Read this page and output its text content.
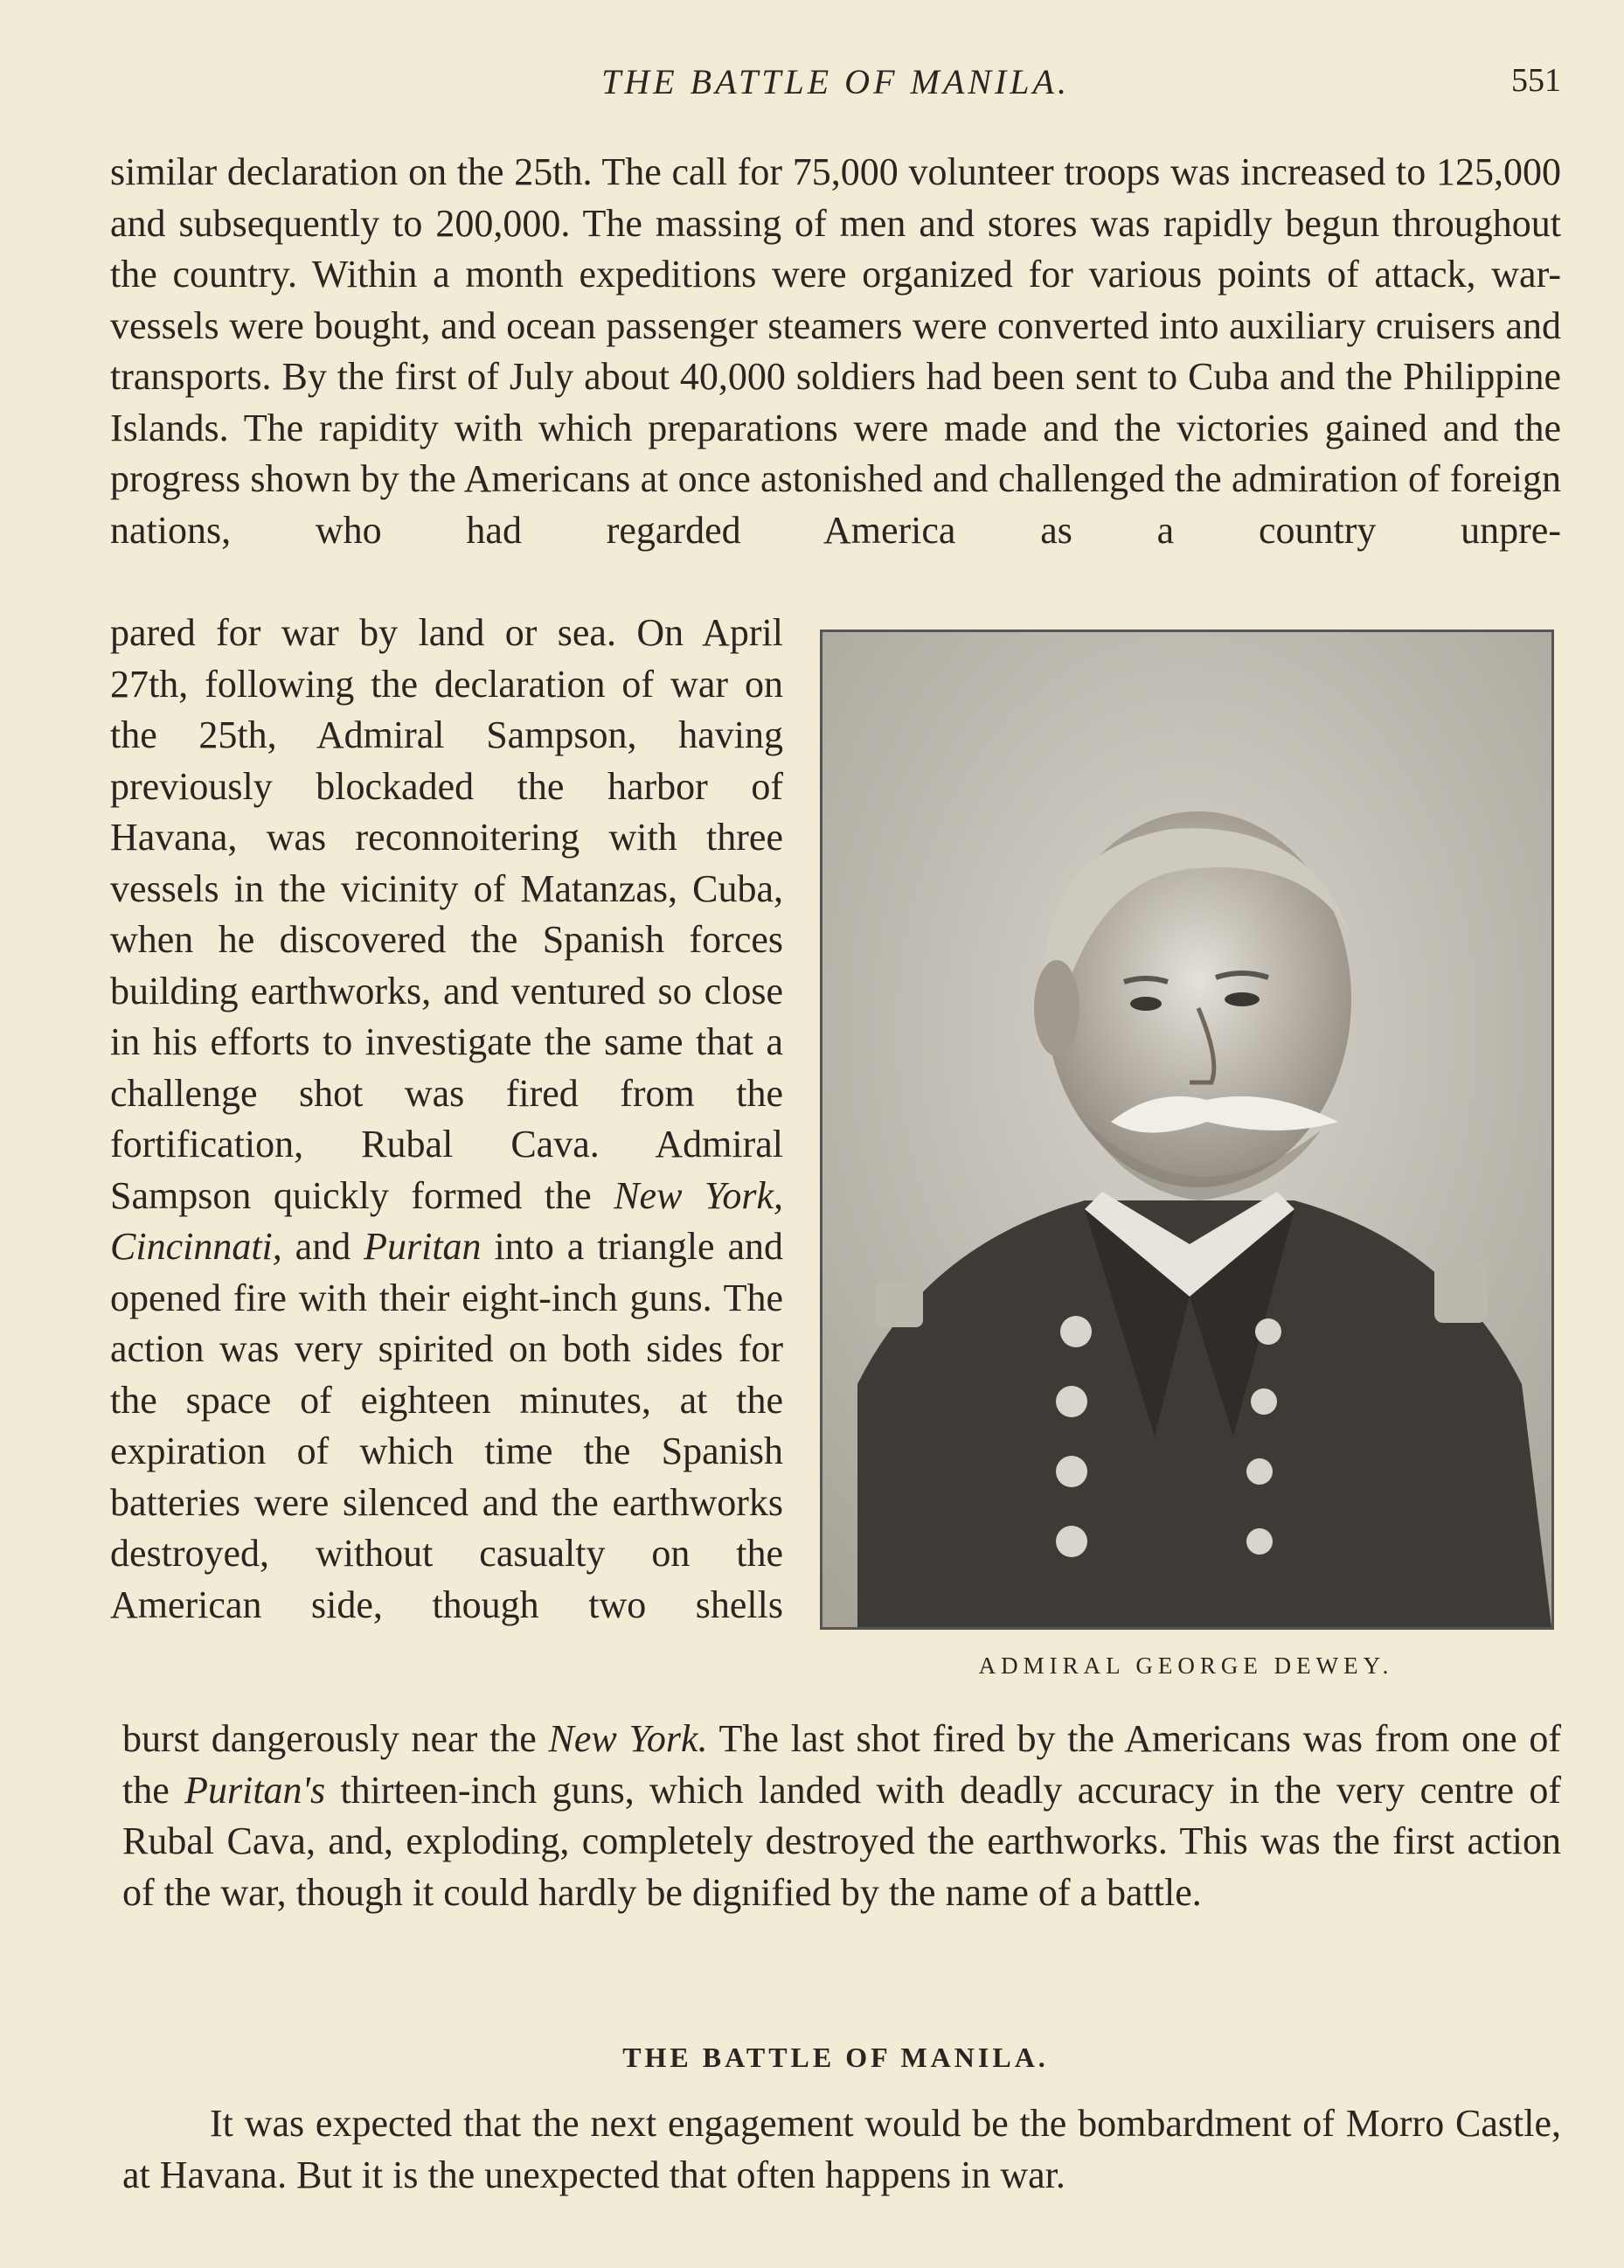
THE BATTLE OF MANILA.	551

similar declaration on the 25th. The call for 75,000 volunteer troops was increased to 125,000 and subsequently to 200,000. The massing of men and stores was rapidly begun throughout the country. Within a month expeditions were organized for various points of attack, war-vessels were bought, and ocean passenger steamers were converted into auxiliary cruisers and transports. By the first of July about 40,000 soldiers had been sent to Cuba and the Philippine Islands. The rapidity with which preparations were made and the victories gained and the progress shown by the Americans at once astonished and challenged the admiration of foreign nations, who had regarded America as a country unpre-

pared for war by land or sea. On April 27th, following the declaration of war on the 25th, Admiral Sampson, having previously blockaded the harbor of Havana, was reconnoitering with three vessels in the vicinity of Matanzas, Cuba, when he discovered the Spanish forces building earthworks, and ventured so close in his efforts to investigate the same that a challenge shot was fired from the fortification, Rubal Cava. Admiral Sampson quickly formed the New York, Cincinnati, and Puritan into a triangle and opened fire with their eight-inch guns. The action was very spirited on both sides for the space of eighteen minutes, at the expiration of which time the Spanish batteries were silenced and the earthworks destroyed, without casualty on the American side, though two shells

ADMIRAL GEORGE DEWEY.

burst dangerously near the New York. The last shot fired by the Americans was from one of the Puritan's thirteen-inch guns, which landed with deadly accuracy in the very centre of Rubal Cava, and, exploding, completely destroyed the earthworks. This was the first action of the war, though it could hardly be dignified by the name of a battle.

THE BATTLE OF MANILA.

It was expected that the next engagement would be the bombardment of Morro Castle, at Havana. But it is the unexpected that often happens in war.
